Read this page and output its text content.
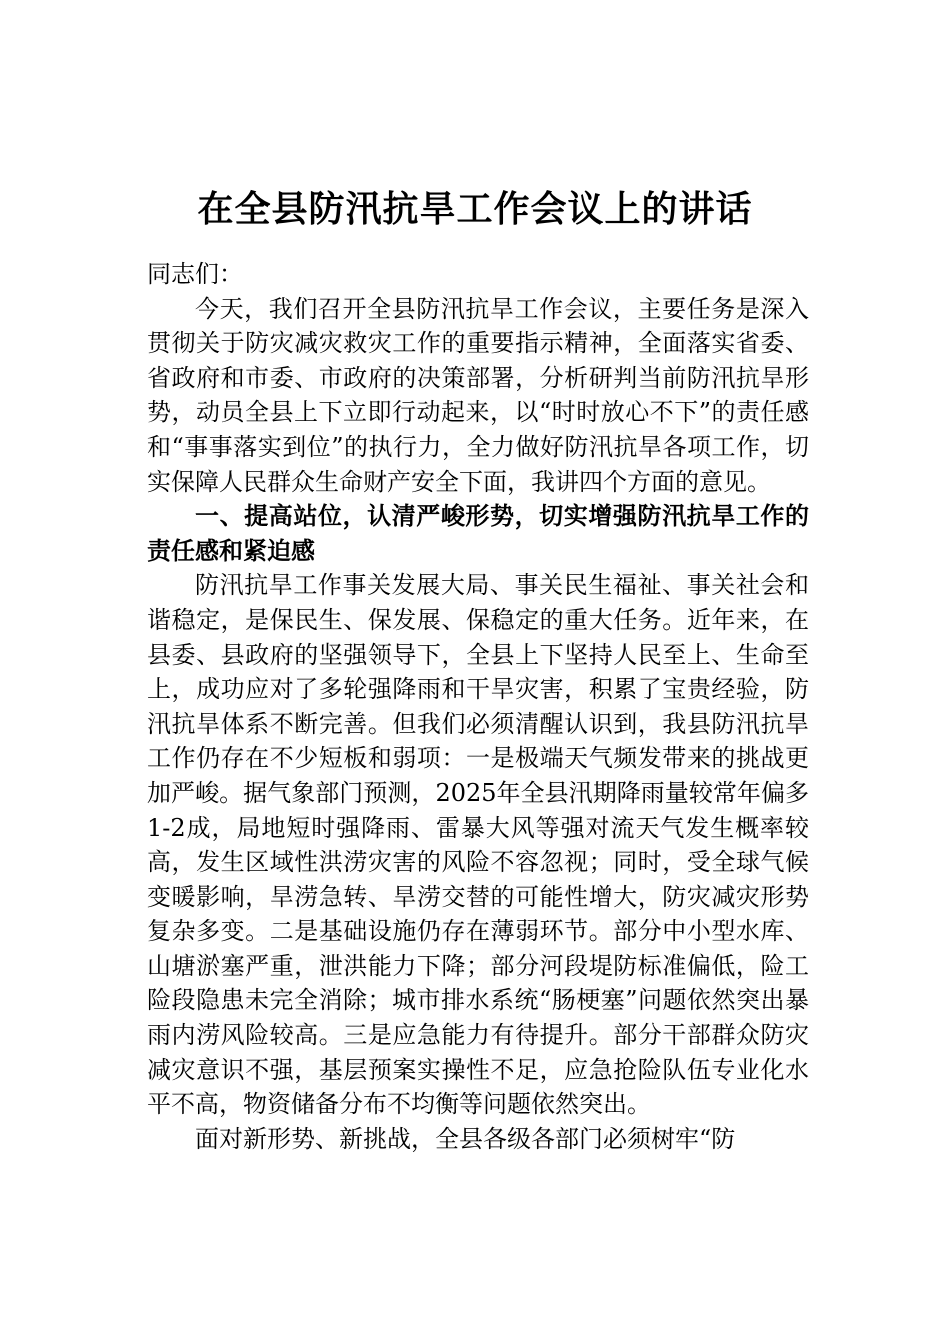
在全县防汛抗旱工作会议上的讲话

同志们：

今天，我们召开全县防汛抗旱工作会议，主要任务是深入贯彻关于防灾减灾救灾工作的重要指示精神，全面落实省委、省政府和市委、市政府的决策部署，分析研判当前防汛抗旱形势，动员全县上下立即行动起来，以“时时放心不下”的责任感和“事事落实到位”的执行力，全力做好防汛抗旱各项工作，切实保障人民群众生命财产安全下面，我讲四个方面的意见。

一、提高站位，认清严峻形势，切实增强防汛抗旱工作的责任感和紧迫感

防汛抗旱工作事关发展大局、事关民生福祉、事关社会和谐稳定，是保民生、保发展、保稳定的重大任务。近年来，在县委、县政府的坚强领导下，全县上下坚持人民至上、生命至上，成功应对了多轮强降雨和干旱灾害，积累了宝贵经验，防汛抗旱体系不断完善。但我们必须清醒认识到，我县防汛抗旱工作仍存在不少短板和弱项：一是极端天气频发带来的挑战更加严峻。据气象部门预测，2025年全县汛期降雨量较常年偏多1-2成，局地短时强降雨、雷暴大风等强对流天气发生概率较高，发生区域性洪涝灾害的风险不容忽视；同时，受全球气候变暖影响，旱涝急转、旱涝交替的可能性增大，防灾减灾形势复杂多变。二是基础设施仍存在薄弱环节。部分中小型水库、山塘淤塞严重，泄洪能力下降；部分河段堤防标准偏低，险工险段隐患未完全消除；城市排水系统“肠梗塞”问题依然突出暴雨内涝风险较高。三是应急能力有待提升。部分干部群众防灾减灾意识不强，基层预案实操性不足，应急抢险队伍专业化水平不高，物资储备分布不均衡等问题依然突出。

面对新形势、新挑战，全县各级各部门必须树牢“防
